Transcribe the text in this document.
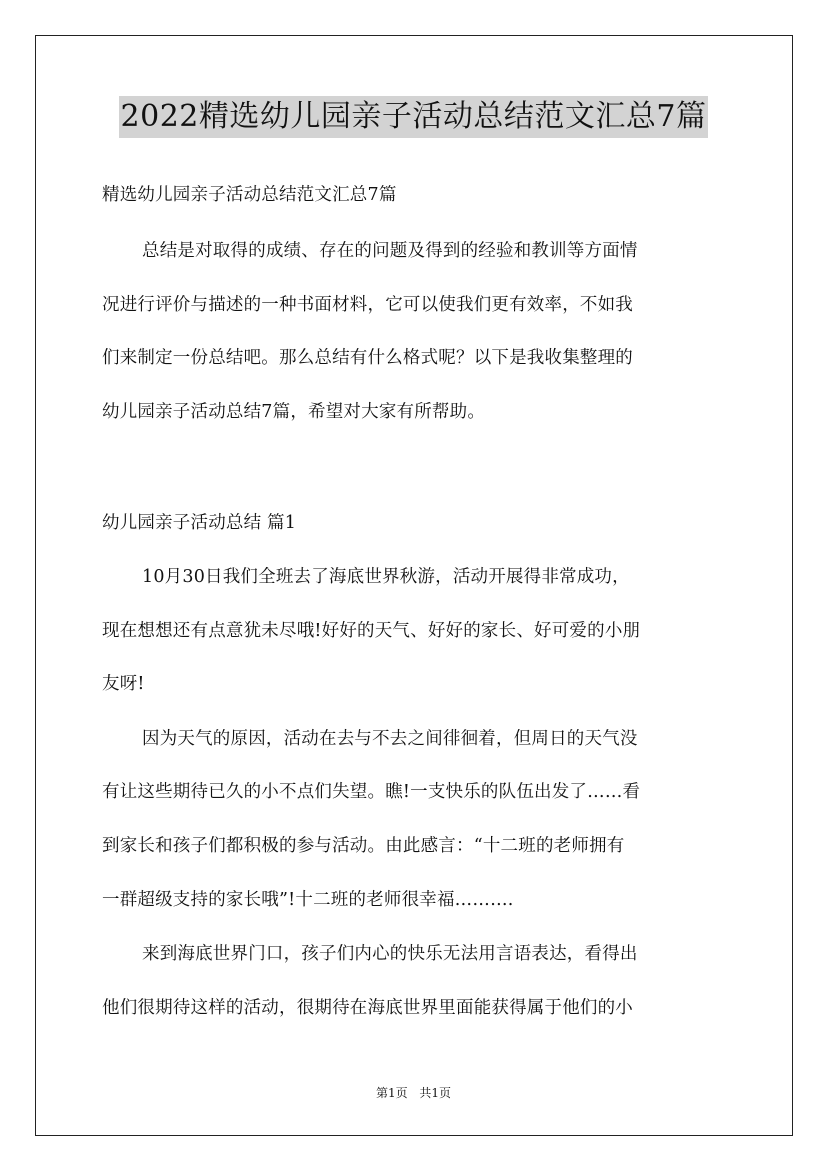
2022精选幼儿园亲子活动总结范文汇总7篇
精选幼儿园亲子活动总结范文汇总7篇
总结是对取得的成绩、存在的问题及得到的经验和教训等方面情
况进行评价与描述的一种书面材料，它可以使我们更有效率，不如我
们来制定一份总结吧。那么总结有什么格式呢？以下是我收集整理的
幼儿园亲子活动总结7篇，希望对大家有所帮助。
幼儿园亲子活动总结 篇1
10月30日我们全班去了海底世界秋游，活动开展得非常成功，
现在想想还有点意犹未尽哦!好好的天气、好好的家长、好可爱的小朋
友呀!
因为天气的原因，活动在去与不去之间徘徊着，但周日的天气没
有让这些期待已久的小不点们失望。瞧!一支快乐的队伍出发了……看
到家长和孩子们都积极的参与活动。由此感言：“十二班的老师拥有
一群超级支持的家长哦”!十二班的老师很幸福……….
来到海底世界门口，孩子们内心的快乐无法用言语表达，看得出
他们很期待这样的活动，很期待在海底世界里面能获得属于他们的小
第1页 共1页
